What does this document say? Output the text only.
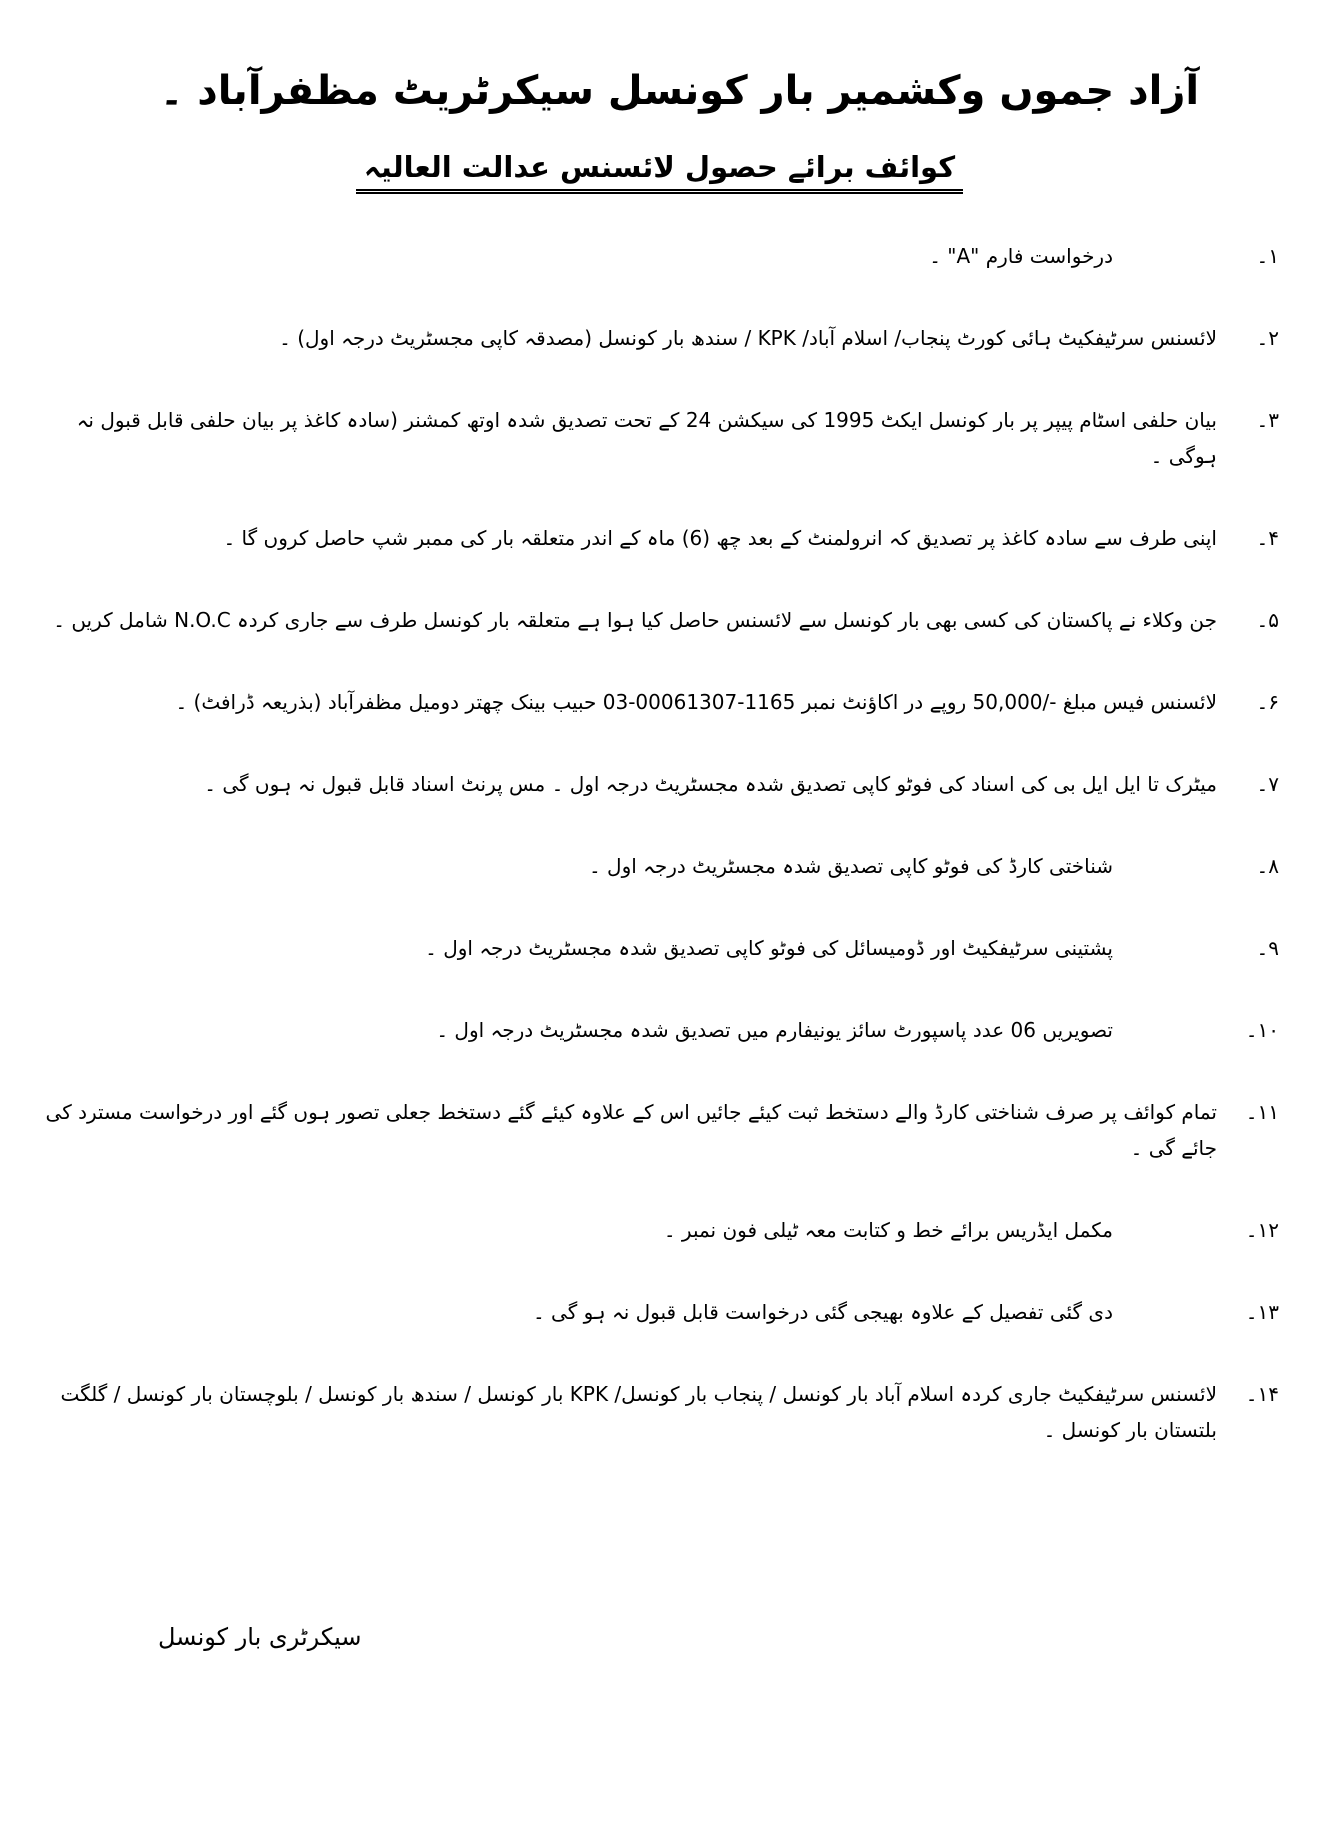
آزاد جموں وکشمیر بار کونسل سیکرٹریٹ مظفرآباد ۔
کوائف برائے حصول لائسنس عدالت العالیہ
۱۔
درخواست فارم "A" ۔
۲۔
لائسنس سرٹیفکیٹ ہائی کورٹ پنجاب/ اسلام آباد/ KPK / سندھ بار کونسل (مصدقہ کاپی مجسٹریٹ درجہ اول) ۔
۳۔
بیان حلفی اسٹام پیپر پر بار کونسل ایکٹ 1995 کی سیکشن 24 کے تحت تصدیق شدہ اوتھ کمشنر (سادہ کاغذ پر بیان حلفی قابل قبول نہ ہوگی ۔
۴۔
اپنی طرف سے سادہ کاغذ پر تصدیق کہ انرولمنٹ کے بعد چھ (6) ماہ کے اندر متعلقہ بار کی ممبر شپ حاصل کروں گا ۔
۵۔
جن وکلاء نے پاکستان کی کسی بھی بار کونسل سے لائسنس حاصل کیا ہوا ہے متعلقہ بار کونسل طرف سے جاری کردہ N.O.C شامل کریں ۔
۶۔
لائسنس فیس مبلغ -/50,000 روپے در اکاؤنٹ نمبر 1165-00061307-03 حبیب بینک چھتر دومیل مظفرآباد (بذریعہ ڈرافٹ) ۔
۷۔
میٹرک تا ایل ایل بی کی اسناد کی فوٹو کاپی تصدیق شدہ مجسٹریٹ درجہ اول ۔ مس پرنٹ اسناد قابل قبول نہ ہوں گی ۔
۸۔
شناختی کارڈ کی فوٹو کاپی تصدیق شدہ مجسٹریٹ درجہ اول ۔
۹۔
پشتینی سرٹیفکیٹ اور ڈومیسائل کی فوٹو کاپی تصدیق شدہ مجسٹریٹ درجہ اول ۔
۱۰۔
تصویریں 06 عدد پاسپورٹ سائز یونیفارم میں تصدیق شدہ مجسٹریٹ درجہ اول ۔
۱۱۔
تمام کوائف پر صرف شناختی کارڈ والے دستخط ثبت کیئے جائیں اس کے علاوہ کیئے گئے دستخط جعلی تصور ہوں گئے اور درخواست مسترد کی جائے گی ۔
۱۲۔
مکمل ایڈریس برائے خط و کتابت معہ ٹیلی فون نمبر ۔
۱۳۔
دی گئی تفصیل کے علاوہ بھیجی گئی درخواست قابل قبول نہ ہو گی ۔
۱۴۔
لائسنس سرٹیفکیٹ جاری کردہ اسلام آباد بار کونسل / پنجاب بار کونسل/ KPK بار کونسل / سندھ بار کونسل / بلوچستان بار کونسل / گلگت بلتستان بار کونسل ۔
سیکرٹری بار کونسل
